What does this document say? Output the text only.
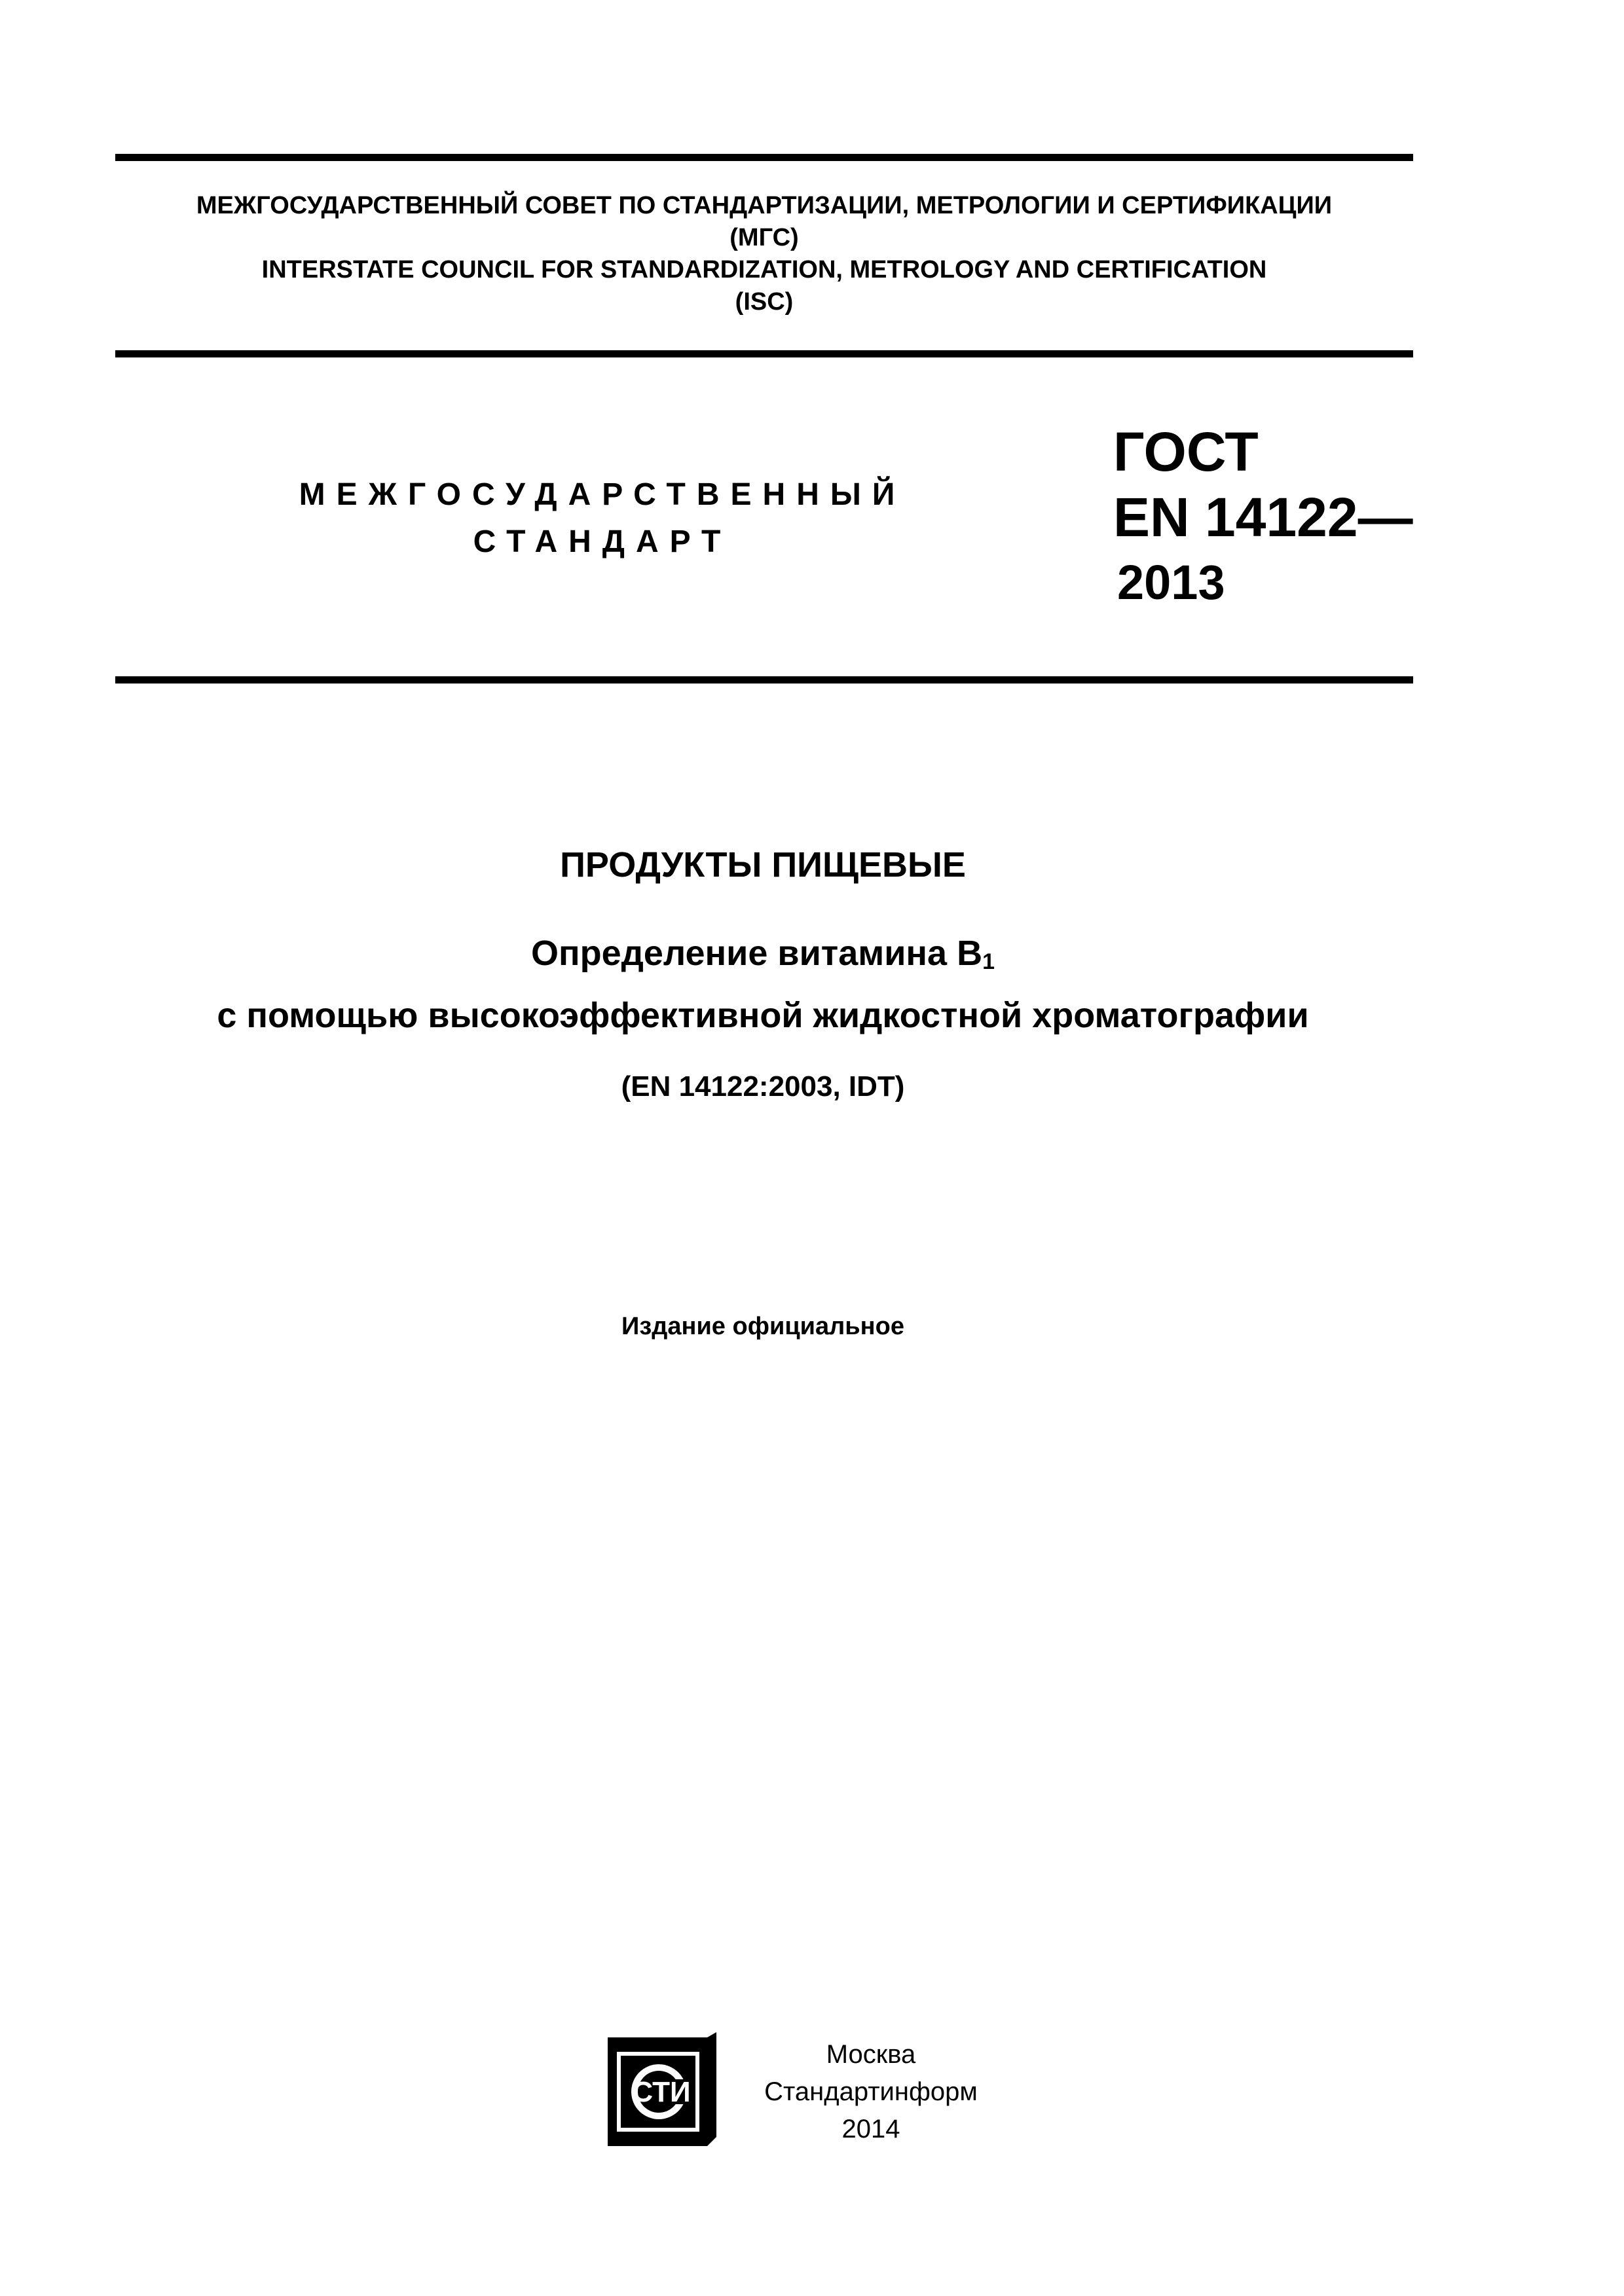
МЕЖГОСУДАРСТВЕННЫЙ СОВЕТ ПО СТАНДАРТИЗАЦИИ, МЕТРОЛОГИИ И СЕРТИФИКАЦИИ
(МГС)
INTERSTATE COUNCIL FOR STANDARDIZATION, METROLOGY AND CERTIFICATION
(ISC)
МЕЖГОСУДАРСТВЕННЫЙ
СТАНДАРТ
ГОСТ
EN 14122—
2013
ПРОДУКТЫ ПИЩЕВЫЕ
Определение витамина $B_1$
с помощью высокоэффективной жидкостной хроматографии
(EN 14122:2003, IDT)
Издание официальное
СТИ
Москва
Стандартинформ
2014
